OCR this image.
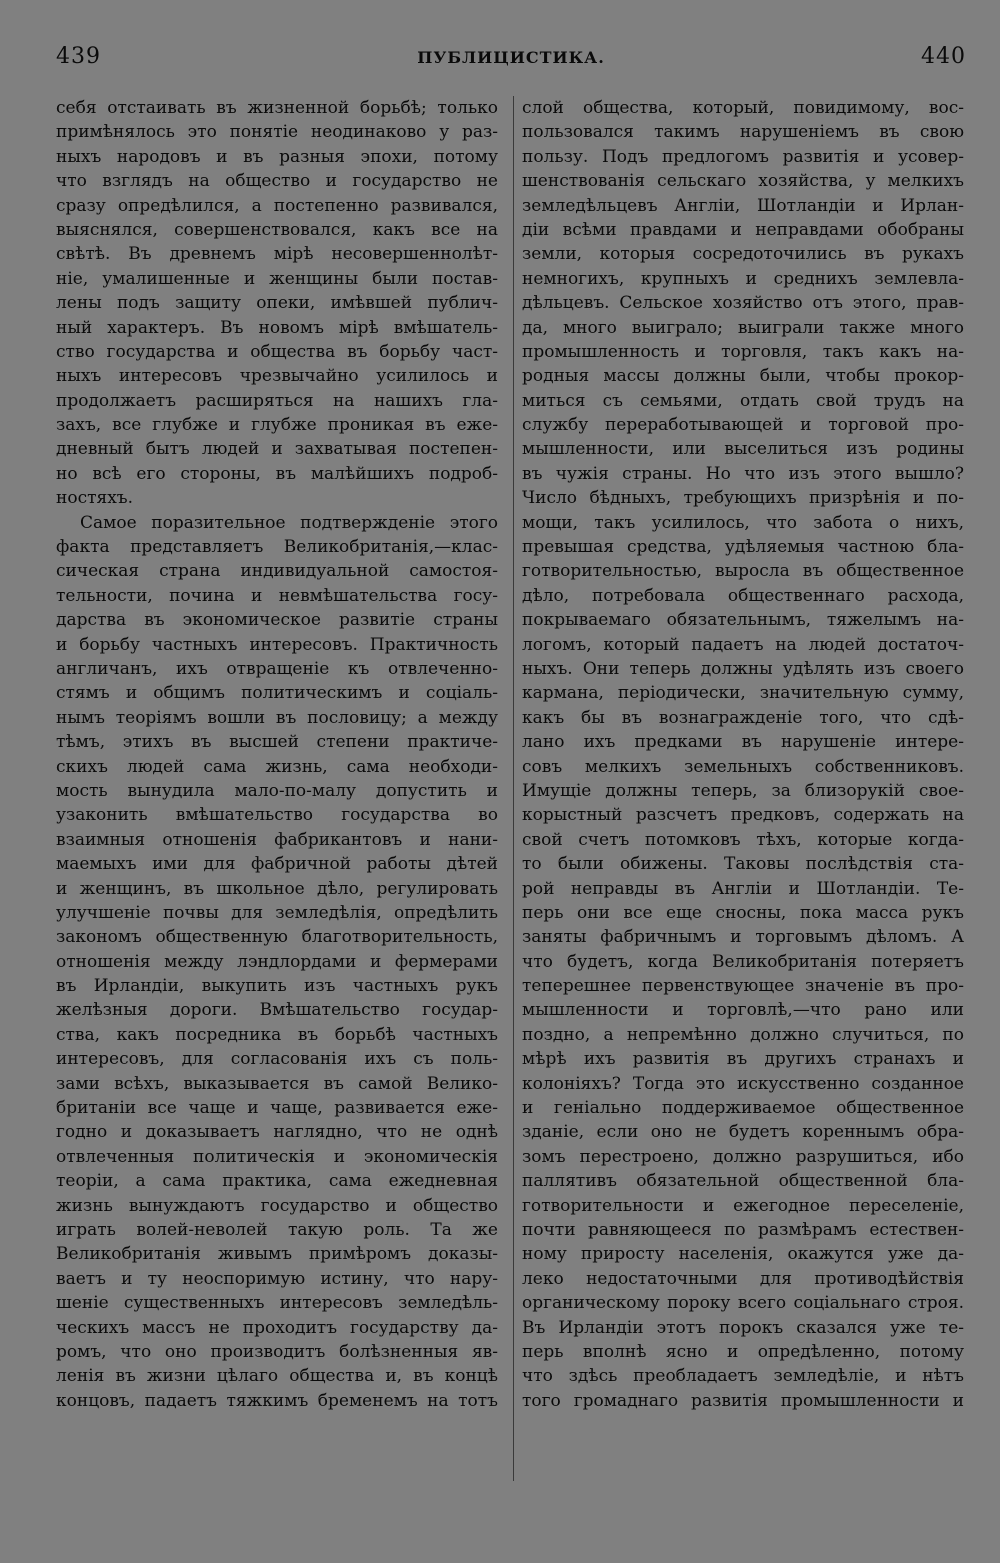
439	ПУБЛИЦИСТИКА.	440
себя отстаивать въ жизненной борьбѣ; только
примѣнялось это понятіе неодинаково у раз-
ныхъ народовъ и въ разныя эпохи, потому
что взглядъ на общество и государство не
сразу опредѣлился, а постепенно развивался,
выяснялся, совершенствовался, какъ все на
свѣтѣ. Въ древнемъ мірѣ несовершеннолѣт-
ніе, умалишенные и женщины были постав-
лены подъ защиту опеки, имѣвшей публич-
ный характеръ. Въ новомъ мірѣ вмѣшатель-
ство государства и общества въ борьбу част-
ныхъ интересовъ чрезвычайно усилилось и
продолжаетъ расширяться на нашихъ гла-
захъ, все глубже и глубже проникая въ еже-
дневный бытъ людей и захватывая постепен-
но всѣ его стороны, въ малѣйшихъ подроб-
ностяхъ.
Самое поразительное подтвержденіе этого
факта представляетъ Великобританія,—клас-
сическая страна индивидуальной самостоя-
тельности, почина и невмѣшательства госу-
дарства въ экономическое развитіе страны
и борьбу частныхъ интересовъ. Практичность
англичанъ, ихъ отвращеніе къ отвлеченно-
стямъ и общимъ политическимъ и соціаль-
нымъ теоріямъ вошли въ пословицу; а между
тѣмъ, этихъ въ высшей степени практиче-
скихъ людей сама жизнь, сама необходи-
мость вынудила мало-по-малу допустить и
узаконить вмѣшательство государства во
взаимныя отношенія фабрикантовъ и нани-
маемыхъ ими для фабричной работы дѣтей
и женщинъ, въ школьное дѣло, регулировать
улучшеніе почвы для земледѣлія, опредѣлить
закономъ общественную благотворительность,
отношенія между лэндлордами и фермерами
въ Ирландіи, выкупить изъ частныхъ рукъ
желѣзныя дороги. Вмѣшательство государ-
ства, какъ посредника въ борьбѣ частныхъ
интересовъ, для согласованія ихъ съ поль-
зами всѣхъ, выказывается въ самой Велико-
британіи все чаще и чаще, развивается еже-
годно и доказываетъ наглядно, что не однѣ
отвлеченныя политическія и экономическія
теоріи, а сама практика, сама ежедневная
жизнь вынуждаютъ государство и общество
играть волей-неволей такую роль. Та же
Великобританія живымъ примѣромъ доказы-
ваетъ и ту неоспоримую истину, что нару-
шеніе существенныхъ интересовъ земледѣль-
ческихъ массъ не проходитъ государству да-
ромъ, что оно производитъ болѣзненныя яв-
ленія въ жизни цѣлаго общества и, въ концѣ
концовъ, падаетъ тяжкимъ бременемъ на тотъ
слой общества, который, повидимому, вос-
пользовался такимъ нарушеніемъ въ свою
пользу. Подъ предлогомъ развитія и усовер-
шенствованія сельскаго хозяйства, у мелкихъ
земледѣльцевъ Англіи, Шотландіи и Ирлан-
діи всѣми правдами и неправдами обобраны
земли, которыя сосредоточились въ рукахъ
немногихъ, крупныхъ и среднихъ землевла-
дѣльцевъ. Сельское хозяйство отъ этого, прав-
да, много выиграло; выиграли также много
промышленность и торговля, такъ какъ на-
родныя массы должны были, чтобы прокор-
миться съ семьями, отдать свой трудъ на
службу переработывающей и торговой про-
мышленности, или выселиться изъ родины
въ чужія страны. Но что изъ этого вышло?
Число бѣдныхъ, требующихъ призрѣнія и по-
мощи, такъ усилилось, что забота о нихъ,
превышая средства, удѣляемыя частною бла-
готворительностью, выросла въ общественное
дѣло, потребовала общественнаго расхода,
покрываемаго обязательнымъ, тяжелымъ на-
логомъ, который падаетъ на людей достаточ-
ныхъ. Они теперь должны удѣлять изъ своего
кармана, періодически, значительную сумму,
какъ бы въ вознагражденіе того, что сдѣ-
лано ихъ предками въ нарушеніе интере-
совъ мелкихъ земельныхъ собственниковъ.
Имущіе должны теперь, за близорукій свое-
корыстный разсчетъ предковъ, содержать на
свой счетъ потомковъ тѣхъ, которые когда-
то были обижены. Таковы послѣдствія ста-
рой неправды въ Англіи и Шотландіи. Те-
перь они все еще сносны, пока масса рукъ
заняты фабричнымъ и торговымъ дѣломъ. А
что будетъ, когда Великобританія потеряетъ
теперешнее первенствующее значеніе въ про-
мышленности и торговлѣ,—что рано или
поздно, а непремѣнно должно случиться, по
мѣрѣ ихъ развитія въ другихъ странахъ и
колоніяхъ? Тогда это искусственно созданное
и геніально поддерживаемое общественное
зданіе, если оно не будетъ кореннымъ обра-
зомъ перестроено, должно разрушиться, ибо
паллятивъ обязательной общественной бла-
готворительности и ежегодное переселеніе,
почти равняющееся по размѣрамъ естествен-
ному приросту населенія, окажутся уже да-
леко недостаточными для противодѣйствія
органическому пороку всего соціальнаго строя.
Въ Ирландіи этотъ порокъ сказался уже те-
перь вполнѣ ясно и опредѣленно, потому
что здѣсь преобладаетъ земледѣліе, и нѣтъ
того громаднаго развитія промышленности и
